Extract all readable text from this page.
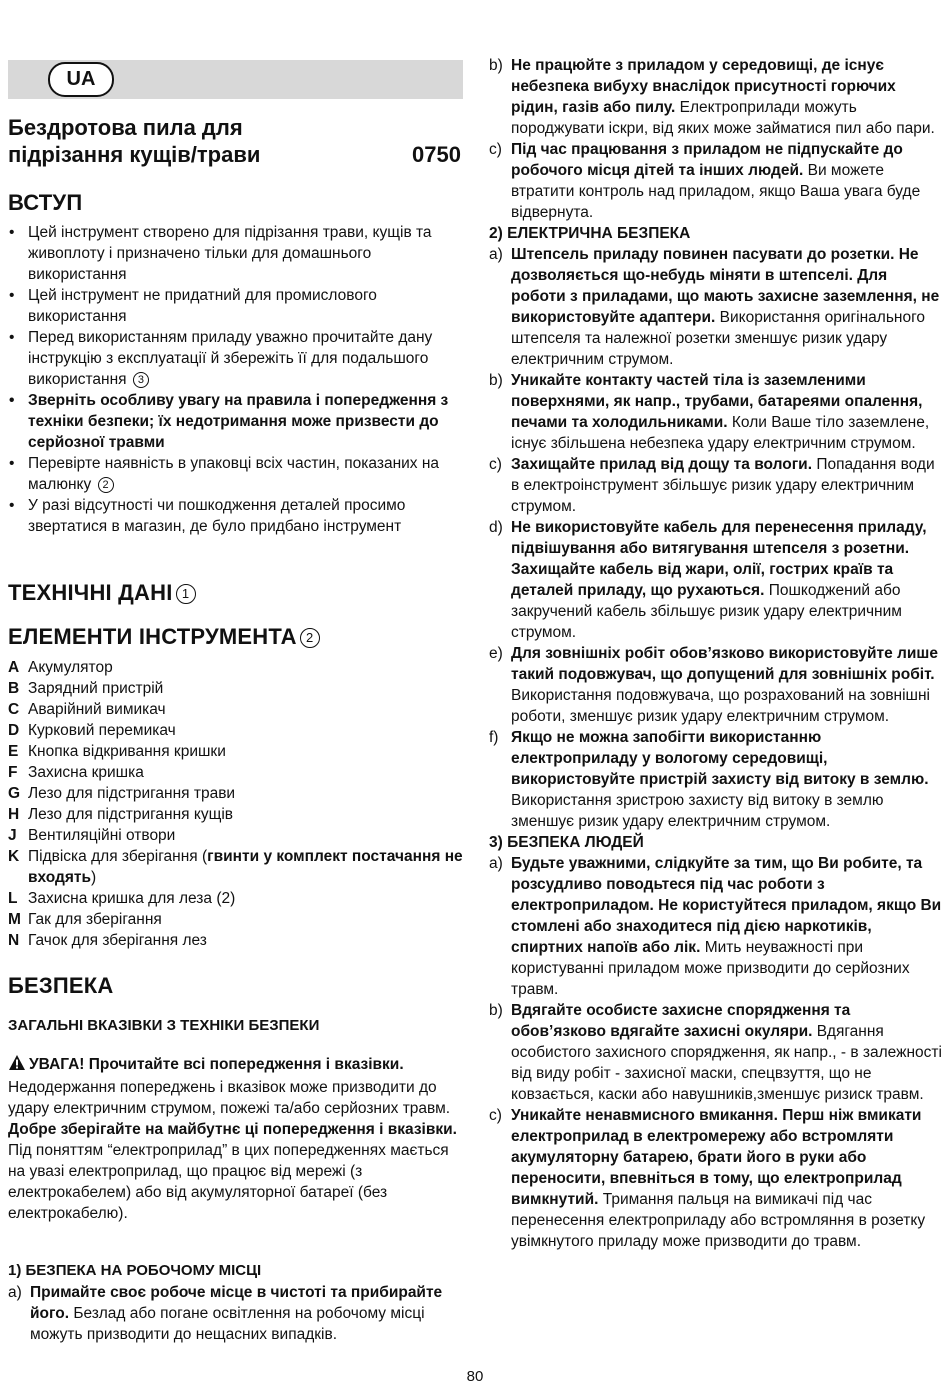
UA
Бездротова пила для
підрізання кущів/трави	0750
ВСТУП
• Цей інструмент створено для підрізання трави, кущів та живоплоту і призначено тільки для домашнього використання
• Цей інструмент не придатний для промислового використання
• Перед використанням приладу уважно прочитайте дану інструкцію з експлуатації й збережіть її для подальшого використання 3
• Зверніть особливу увагу на правила і попередження з техніки безпеки; їх недотримання може призвести до серйозної травми
• Перевірте наявність в упаковці всіх частин, показаних на малюнку 2
• У разі відсутності чи пошкодження деталей просимо звертатися в магазин, де було придбано інструмент
ТЕХНІЧНІ ДАНІ 1
ЕЛЕМЕНТИ ІНСТРУМЕНТА 2
A Акумулятор
B Зарядний пристрій
C Аварійний вимикач
D Курковий перемикач
E Кнопка відкривання кришки
F Захисна кришка
G Лезо для підстригання трави
H Лезо для підстригання кущів
J Вентиляційні отвори
K Підвіска для зберігання (гвинти у комплект постачання не входять)
L Захисна кришка для леза (2)
M Гак для зберігання
N Гачок для зберігання лез
БЕЗПЕКА
ЗАГАЛЬНІ ВКАЗІВКИ З ТЕХНІКИ БЕЗПЕКИ
УВАГА! Прочитайте всі попередження і вказівки. Недодержання попереджень і вказівок може призводити до удару електричним струмом, пожежі та/або серйозних травм. Добре зберігайте на майбутнє ці попередження і вказівки. Під поняттям “електроприлад” в цих попередженнях мається на увазі електроприлад, що працює від мережі (з електрокабелем) або від акумуляторної батареї (без електрокабелю).
1) БЕЗПЕКА НА РОБОЧОМУ МІСЦІ
a) Примайте своє робоче місце в чистоті та прибирайте його. Безлад або погане освітлення на робочому місці можуть призводити до нещасних випадків.
b) Не працюйте з приладом у середовищі, де існує небезпека вибуху внаслідок присутності горючих рідин, газів або пилу. Електроприлади можуть породжувати іскри, від яких може займатися пил або пари.
c) Під час працювання з приладом не підпускайте до робочого місця дітей та інших людей. Ви можете втратити контроль над приладом, якщо Ваша увага буде відвернута.
2) ЕЛЕКТРИЧНА БЕЗПЕКА
a) Штепсель приладу повинен пасувати до розетки. Не дозволяється що-небудь міняти в штепселі. Для роботи з приладами, що мають захисне заземлення, не використовуйте адаптери. Використання оригінального штепселя та належної розетки зменшує ризик удару електричним струмом.
b) Уникайте контакту частей тіла із заземленими поверхнями, як напр., трубами, батареями опалення, печами та холодильниками. Коли Ваше тіло заземлене, існує збільшена небезпека удару електричним струмом.
c) Захищайте прилад від дощу та вологи. Попадання води в електроінструмент збільшує ризик удару електричним струмом.
d) Не використовуйте кабель для перенесення приладу, підвішування або витягування штепселя з розетни. Захищайте кабель від жари, олії, гострих країв та деталей приладу, що рухаються. Пошкоджений або закручений кабель збільшує ризик удару електричним струмом.
e) Для зовнішніх робіт обов’язково використовуйте лише такий подовжувач, що допущений для зовнішніх робіт. Використання подовжувача, що розрахований на зовнішні роботи, зменшує ризик удару електричним струмом.
f) Якщо не можна запобігти використанню електроприладу у вологому середовищі, використовуйте пристрій захисту від витоку в землю. Використання зристрою захисту від витоку в землю зменшує ризик удару електричним струмом.
3) БЕЗПЕКА ЛЮДЕЙ
a) Будьте уважними, слідкуйте за тим, що Ви робите, та розсудливо поводьтеся під час роботи з електроприладом. Не користуйтеся приладом, якщо Ви стомлені або знаходитеся під дією наркотиків, спиртних напоїв або лік. Мить неуважності при користуванні приладом може призводити до серйозних травм.
b) Вдягайте особисте захисне спорядження та обов’язково вдягайте захисні окуляри. Вдягання особистого захисного спорядження, як напр., - в залежності від виду робіт - захисної маски, спецвзуття, що не ковзається, каски або навушників,зменшує ризиск травм.
c) Уникайте ненавмисного вмикання. Перш ніж вмикати електроприлад в електромережу або встромляти акумуляторну батарею, брати його в руки або переносити, впевніться в тому, що електроприлад вимкнутий. Тримання пальця на вимикачі під час перенесення електроприладу або встромляння в розетку увімкнутого приладу може призводити до травм.
80
